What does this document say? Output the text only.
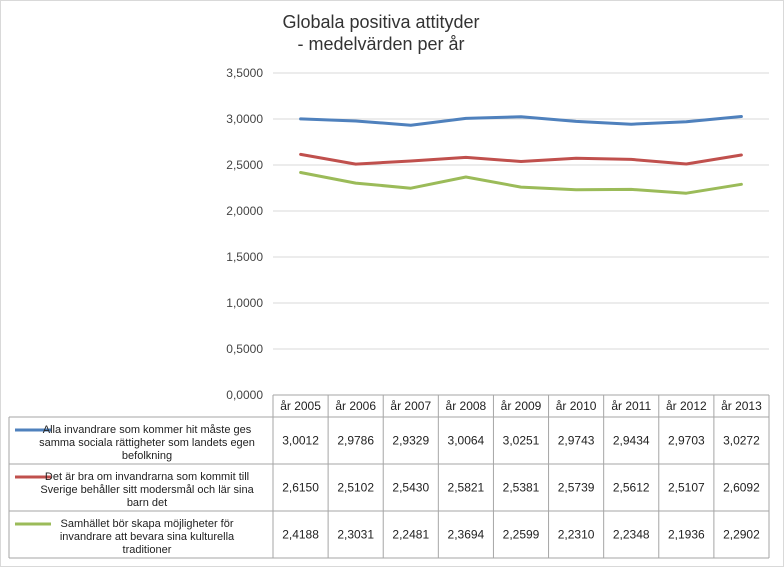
Globala positiva attityder
- medelvärden per år
0,0000
0,5000
1,0000
1,5000
2,0000
2,5000
3,0000
3,5000
år 2005 år 2006 år 2007 år 2008 år 2009 år 2010 år 2011 år 2012 år 2013
Alla invandrare som kommer hit måste ges
samma sociala rättigheter som landets egen
befolkning
3,0012 2,9786 2,9329 3,0064 3,0251 2,9743 2,9434 2,9703 3,0272
Det är bra om invandrarna som kommit till
Sverige behåller sitt modersmål och lär sina
barn det
2,6150 2,5102 2,5430 2,5821 2,5381 2,5739 2,5612 2,5107 2,6092
Samhället bör skapa möjligheter för
invandrare att bevara sina kulturella
traditioner
2,4188 2,3031 2,2481 2,3694 2,2599 2,2310 2,2348 2,1936 2,2902
